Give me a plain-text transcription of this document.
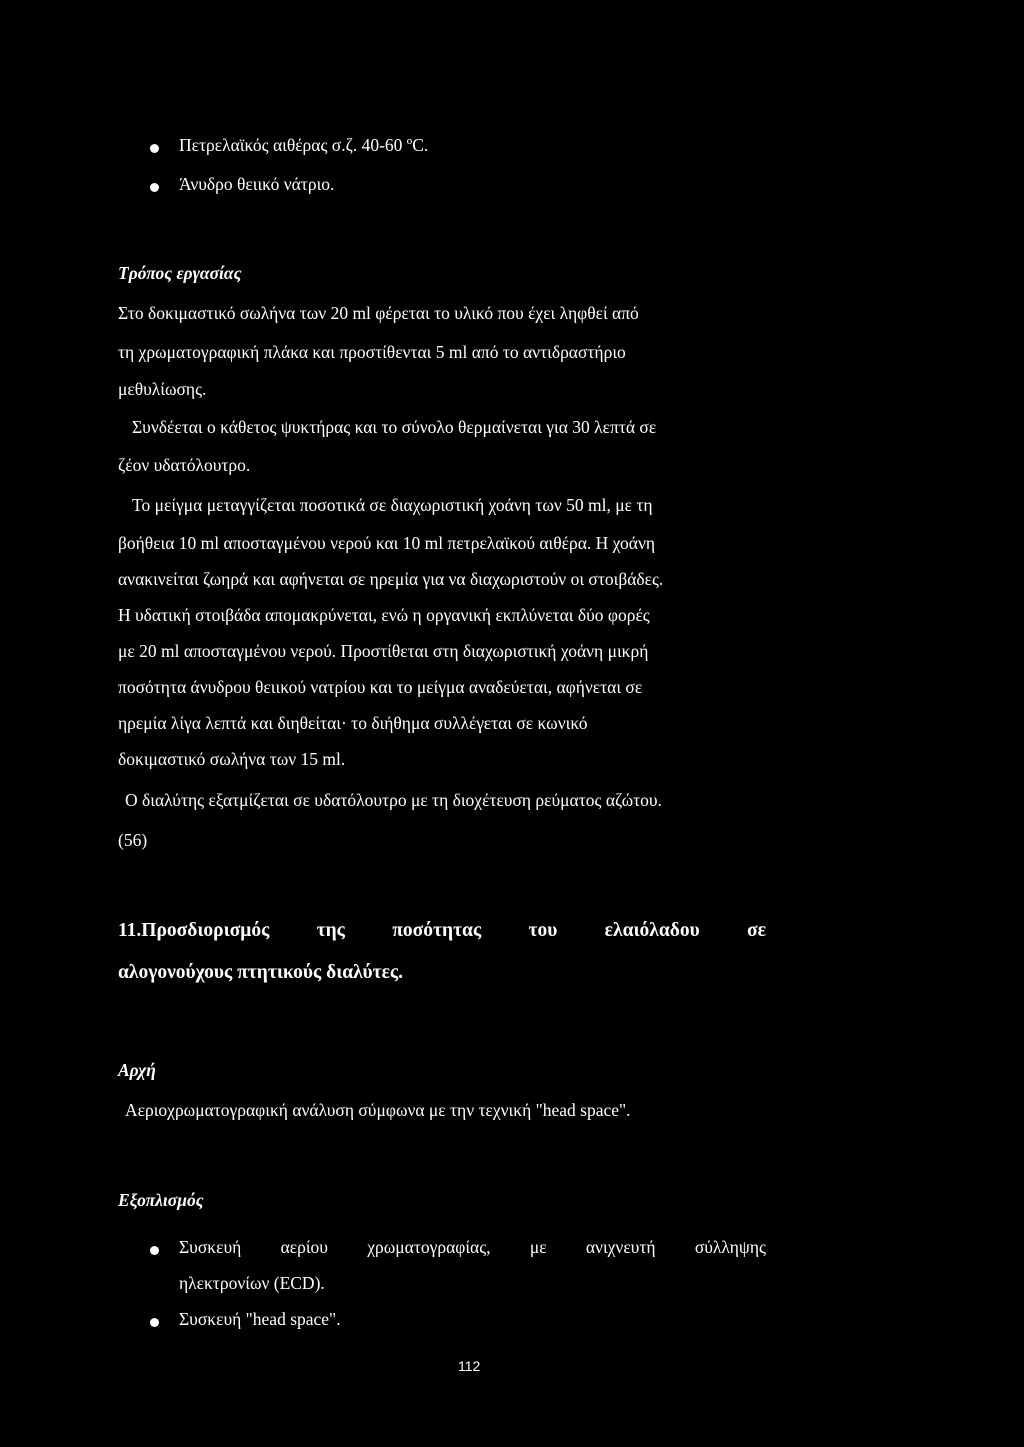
Πετρελαϊκός αιθέρας σ.ζ. 40-60 ºC.
Άνυδρο θειικό νάτριο.
Τρόπος εργασίας
Στο δοκιμαστικό σωλήνα των 20 ml φέρεται το υλικό που έχει ληφθεί από
τη χρωματογραφική πλάκα και προστίθενται 5 ml από το αντιδραστήριο
μεθυλίωσης.
Συνδέεται ο κάθετος ψυκτήρας και το σύνολο θερμαίνεται για 30 λεπτά σε
ζέον υδατόλουτρο.
Το μείγμα μεταγγίζεται ποσοτικά σε διαχωριστική χοάνη των 50 ml, με τη
βοήθεια 10 ml αποσταγμένου νερού και 10 ml πετρελαϊκού αιθέρα. Η χοάνη
ανακινείται ζωηρά και αφήνεται σε ηρεμία για να διαχωριστούν οι στοιβάδες.
Η υδατική στοιβάδα απομακρύνεται, ενώ η οργανική εκπλύνεται δύο φορές
με 20 ml αποσταγμένου νερού. Προστίθεται στη διαχωριστική χοάνη μικρή
ποσότητα άνυδρου θειικού νατρίου και το μείγμα αναδεύεται, αφήνεται σε
ηρεμία λίγα λεπτά και διηθείται· το διήθημα συλλέγεται σε κωνικό
δοκιμαστικό σωλήνα των 15 ml.
Ο διαλύτης εξατμίζεται σε υδατόλουτρο με τη διοχέτευση ρεύματος αζώτου.
(56)
11.Προσδιορισμός της ποσότητας του ελαιόλαδου σε
αλογονούχους πτητικούς διαλύτες.
Αρχή
Αεριοχρωματογραφική ανάλυση σύμφωνα με την τεχνική "head space".
Εξοπλισμός
Συσκευή αερίου χρωματογραφίας, με ανιχνευτή σύλληψης
ηλεκτρονίων (ECD).
Συσκευή "head space".
112
